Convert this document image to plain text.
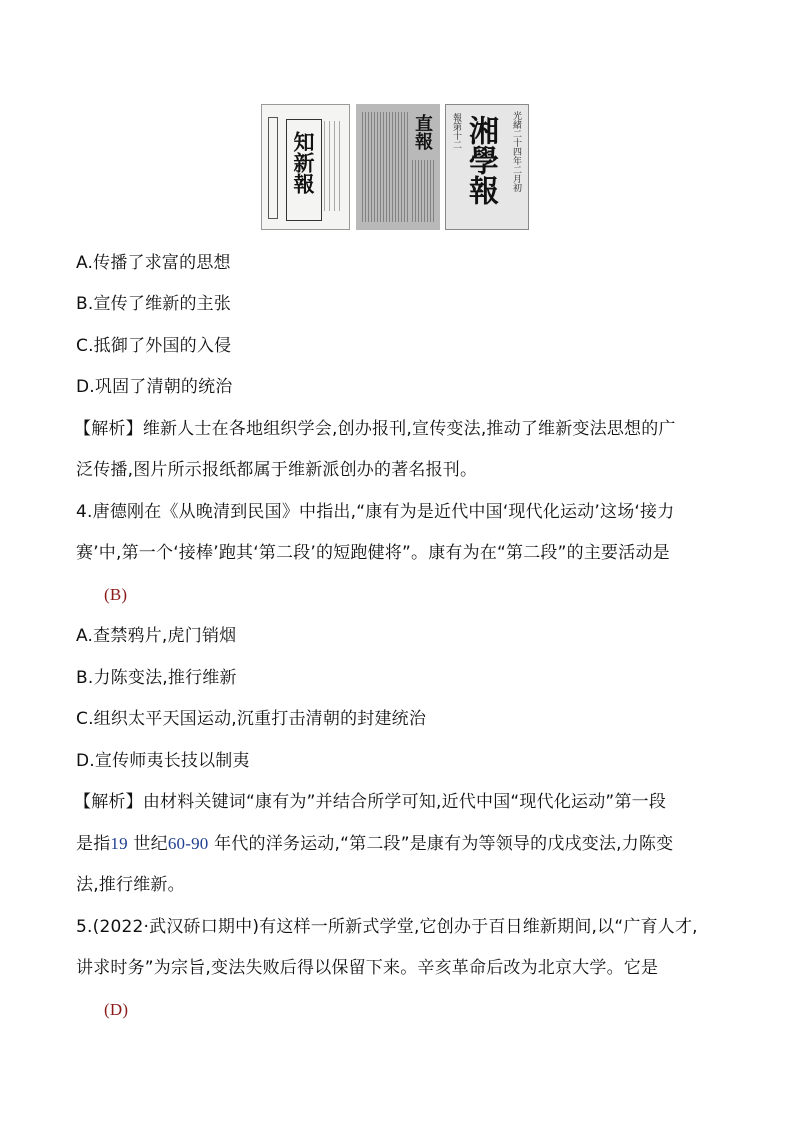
知新報	直報 報第十二 湘學報 光緒二十四年二月初
A.传播了求富的思想
B.宣传了维新的主张
C.抵御了外国的入侵
D.巩固了清朝的统治
【解析】维新人士在各地组织学会,创办报刊,宣传变法,推动了维新变法思想的广
泛传播,图片所示报纸都属于维新派创办的著名报刊。
4.唐德刚在《从晚清到民国》中指出,“康有为是近代中国‘现代化运动’这场‘接力
赛’中,第一个‘接棒’跑其‘第二段’的短跑健将”。康有为在“第二段”的主要活动是
(B)
A.查禁鸦片,虎门销烟
B.力陈变法,推行维新
C.组织太平天国运动,沉重打击清朝的封建统治
D.宣传师夷长技以制夷
【解析】由材料关键词“康有为”并结合所学可知,近代中国“现代化运动”第一段
是指19 世纪60-90 年代的洋务运动,“第二段”是康有为等领导的戊戌变法,力陈变
法,推行维新。
5.(2022·武汉硚口期中)有这样一所新式学堂,它创办于百日维新期间,以“广育人才,
讲求时务”为宗旨,变法失败后得以保留下来。辛亥革命后改为北京大学。它是
(D)
